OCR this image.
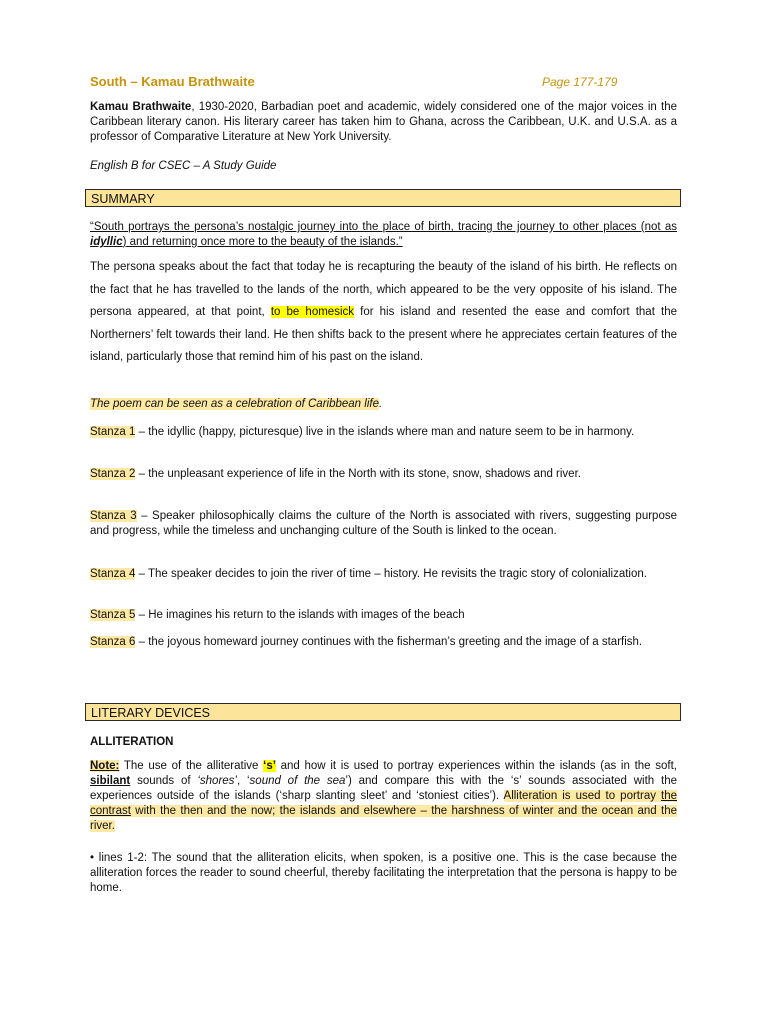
South – Kamau Brathwaite	Page 177-179
Kamau Brathwaite, 1930-2020, Barbadian poet and academic, widely considered one of the major voices in the Caribbean literary canon. His literary career has taken him to Ghana, across the Caribbean, U.K. and U.S.A. as a professor of Comparative Literature at New York University.
English B for CSEC – A Study Guide
SUMMARY
“South portrays the persona’s nostalgic journey into the place of birth, tracing the journey to other places (not as idyllic) and returning once more to the beauty of the islands.”
The persona speaks about the fact that today he is recapturing the beauty of the island of his birth. He reflects on the fact that he has travelled to the lands of the north, which appeared to be the very opposite of his island. The persona appeared, at that point, to be homesick for his island and resented the ease and comfort that the Northerners’ felt towards their land. He then shifts back to the present where he appreciates certain features of the island, particularly those that remind him of his past on the island.
The poem can be seen as a celebration of Caribbean life.
Stanza 1 – the idyllic (happy, picturesque) live in the islands where man and nature seem to be in harmony.
Stanza 2 – the unpleasant experience of life in the North with its stone, snow, shadows and river.
Stanza 3 – Speaker philosophically claims the culture of the North is associated with rivers, suggesting purpose and progress, while the timeless and unchanging culture of the South is linked to the ocean.
Stanza 4 – The speaker decides to join the river of time – history. He revisits the tragic story of colonialization.
Stanza 5 – He imagines his return to the islands with images of the beach
Stanza 6 – the joyous homeward journey continues with the fisherman’s greeting and the image of a starfish.
LITERARY DEVICES
ALLITERATION
Note: The use of the alliterative ‘s’ and how it is used to portray experiences within the islands (as in the soft, sibilant sounds of ‘shores’, ‘sound of the sea’) and compare this with the ‘s’ sounds associated with the experiences outside of the islands (‘sharp slanting sleet’ and ‘stoniest cities’). Alliteration is used to portray the contrast with the then and the now; the islands and elsewhere – the harshness of winter and the ocean and the river.
• lines 1-2: The sound that the alliteration elicits, when spoken, is a positive one. This is the case because the alliteration forces the reader to sound cheerful, thereby facilitating the interpretation that the persona is happy to be home.
